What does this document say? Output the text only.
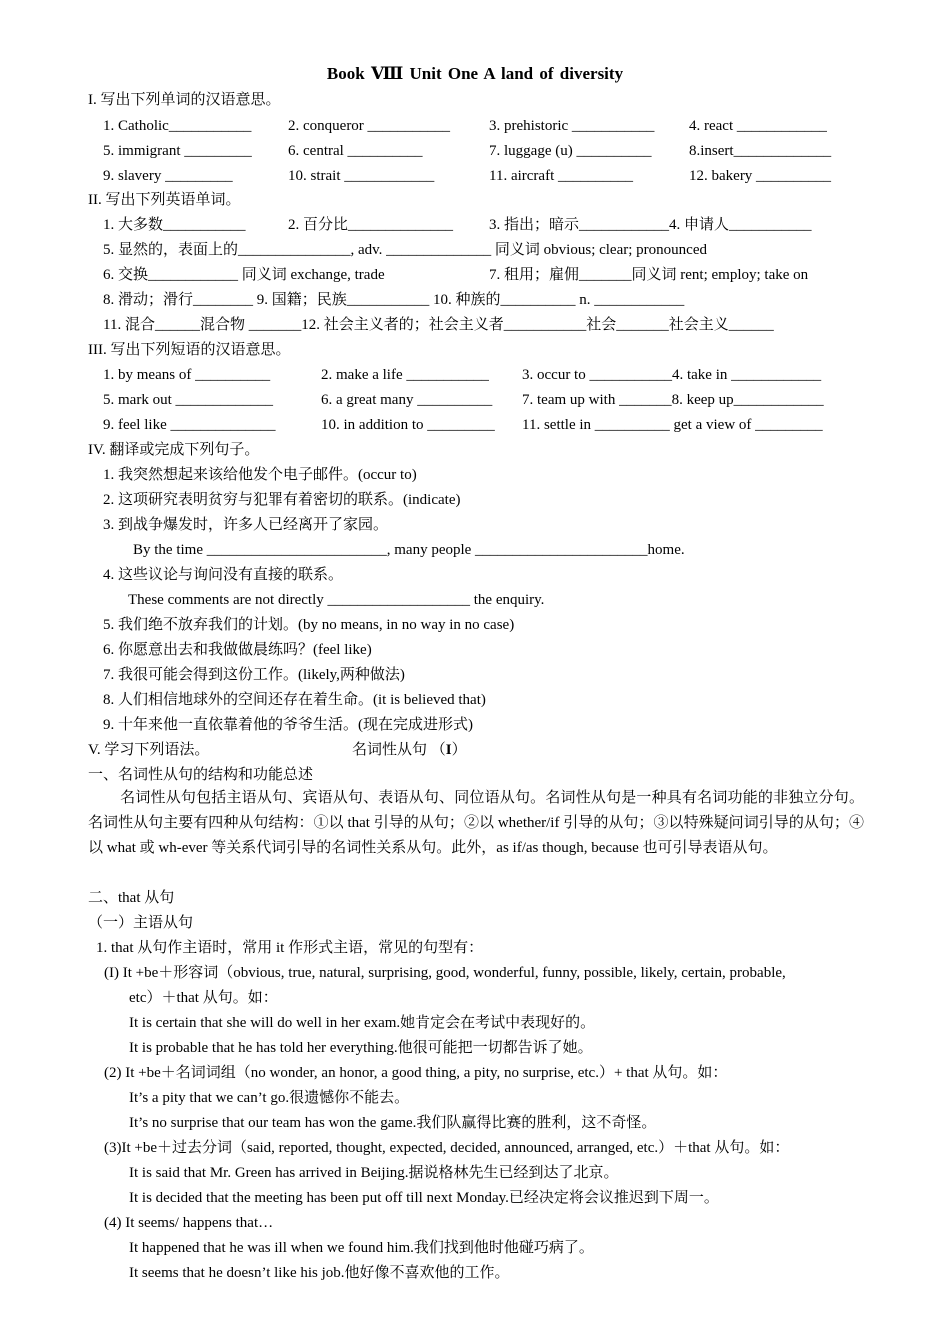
Book Ⅷ Unit One A land of diversity
I. 写出下列单词的汉语意思。
1. Catholic___________ 2. conqueror ___________	3. prehistoric ___________ 4. react ____________
5. immigrant _________ 6. central __________	7. luggage (u) __________	8.insert_____________
9. slavery _________	10. strait ____________	11. aircraft __________	12. bakery __________
II. 写出下列英语单词。
1. 大多数___________	2. 百分比______________ 3. 指出；暗示____________4. 申请人___________
5. 显然的，表面上的_______________, adv. ______________ 同义词 obvious; clear; pronounced
6. 交换____________ 同义词 exchange, trade	7. 租用；雇佣_______同义词 rent; employ; take on
8. 滑动；滑行________ 9. 国籍；民族___________ 10. 种族的__________ n. ____________
11. 混合______混合物 _______12. 社会主义者的；社会主义者___________社会_______社会主义______
III. 写出下列短语的汉语意思。
1. by means of __________	2. make a life ___________ 3. occur to ___________4. take in ____________
5. mark out _____________	6. a great many __________ 7. team up with _______8. keep up____________
9. feel like ______________	10. in addition to _________ 11. settle in __________ get a view of _________
IV. 翻译或完成下列句子。
1. 我突然想起来该给他发个电子邮件。(occur to)
2. 这项研究表明贫穷与犯罪有着密切的联系。(indicate)
3. 到战争爆发时，许多人已经离开了家园。
By the time ________________________, many people _______________________home.
4. 这些议论与询问没有直接的联系。
These comments are not directly ___________________ the enquiry.
5. 我们绝不放弃我们的计划。(by no means, in no way in no case)
6. 你愿意出去和我做做晨练吗？(feel like)
7. 我很可能会得到这份工作。(likely,两种做法)
8. 人们相信地球外的空间还存在着生命。(it is believed that)
9. 十年来他一直依靠着他的爷爷生活。(现在完成进形式)
V. 学习下列语法。	名词性从句 （I）
一、名词性从句的结构和功能总述
名词性从句包括主语从句、宾语从句、表语从句、同位语从句。名词性从句是一种具有名词功能的非独立分句。名词性从句主要有四种从句结构：①以 that 引导的从句；②以 whether/if 引导的从句；③以特殊疑问词引导的从句；④以 what 或 wh-ever 等关系代词引导的名词性关系从句。此外，as if/as though, because 也可引导表语从句。
二、that 从句
（一）主语从句
1. that 从句作主语时，常用 it 作形式主语，常见的句型有：
(I) It +be＋形容词（obvious, true, natural, surprising, good, wonderful, funny, possible, likely, certain, probable,
etc）＋that 从句。如：
It is certain that she will do well in her exam.她肯定会在考试中表现好的。
It is probable that he has told her everything.他很可能把一切都告诉了她。
(2) It +be＋名词词组（no wonder, an honor, a good thing, a pity, no surprise, etc.）+ that 从句。如：
It’s a pity that we can’t go.很遗憾你不能去。
It’s no surprise that our team has won the game.我们队赢得比赛的胜利，这不奇怪。
(3)It +be＋过去分词（said, reported, thought, expected, decided, announced, arranged, etc.）＋that 从句。如：
It is said that Mr. Green has arrived in Beijing.据说格林先生已经到达了北京。
It is decided that the meeting has been put off till next Monday.已经决定将会议推迟到下周一。
(4) It seems/ happens that…
It happened that he was ill when we found him.我们找到他时他碰巧病了。
It seems that he doesn’t like his job.他好像不喜欢他的工作。
